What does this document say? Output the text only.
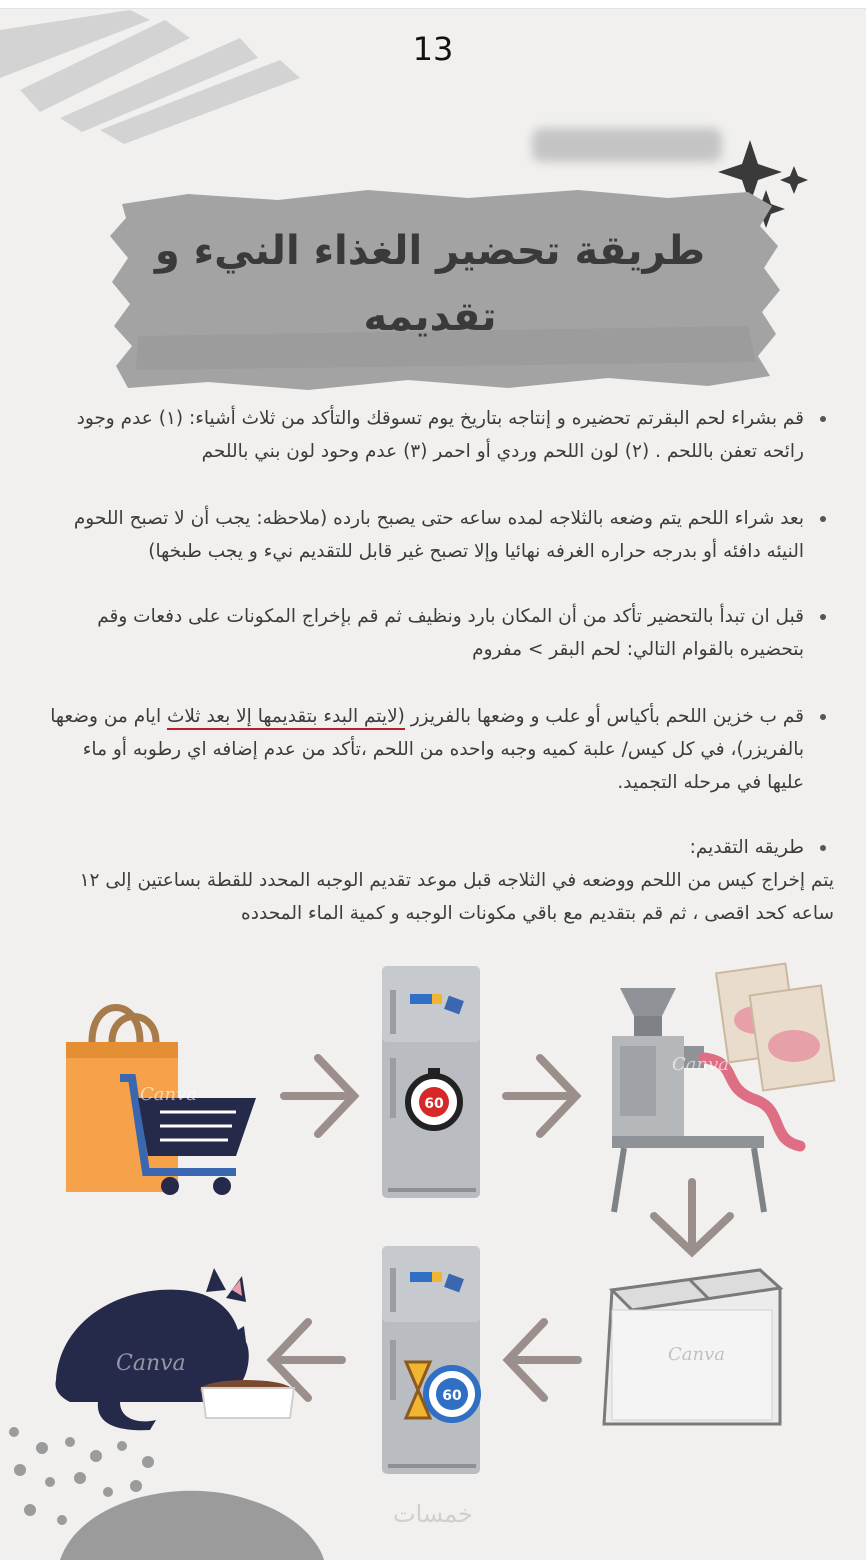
13
طريقة تحضير الغذاء النيء و تقديمه
قم بشراء لحم البقرتم تحضيره و إنتاجه بتاريخ يوم تسوقك والتأكد من ثلاث أشياء: (١) عدم وجود رائحه تعفن باللحم . (٢) لون اللحم وردي أو احمر (٣) عدم وحود لون بني باللحم
بعد شراء اللحم يتم وضعه بالثلاجه لمده ساعه حتى يصبح بارده (ملاحظه: يجب أن لا تصبح اللحوم النيئه دافئه أو بدرجه حراره الغرفه نهائيا وإلا تصبح غير قابل للتقديم نيء و يجب طبخها)
قبل ان تبدأ بالتحضير تأكد من أن المكان بارد ونظيف ثم قم بإخراج المكونات على دفعات وقم بتحضيره بالقوام التالي: لحم البقر > مفروم
قم ب خزين اللحم بأكياس أو علب و وضعها بالفريزر (لايتم البدء بتقديمها إلا بعد ثلاث ايام من وضعها بالفريزر)، في كل كيس/ علبة كميه وجبه واحده من اللحم ،تأكد من عدم إضافه اي رطوبه أو ماء عليها في مرحله التجميد.
طريقه التقديم:
يتم إخراج كيس من اللحم ووضعه في الثلاجه قبل موعد تقديم الوجبه المحدد للقطة بساعتين إلى ١٢ ساعه كحد اقصى ، ثم قم بتقديم مع باقي مكونات الوجبه و كمية الماء المحدده
Canva	60
Canva
Canva
60
Canva
خمسات
